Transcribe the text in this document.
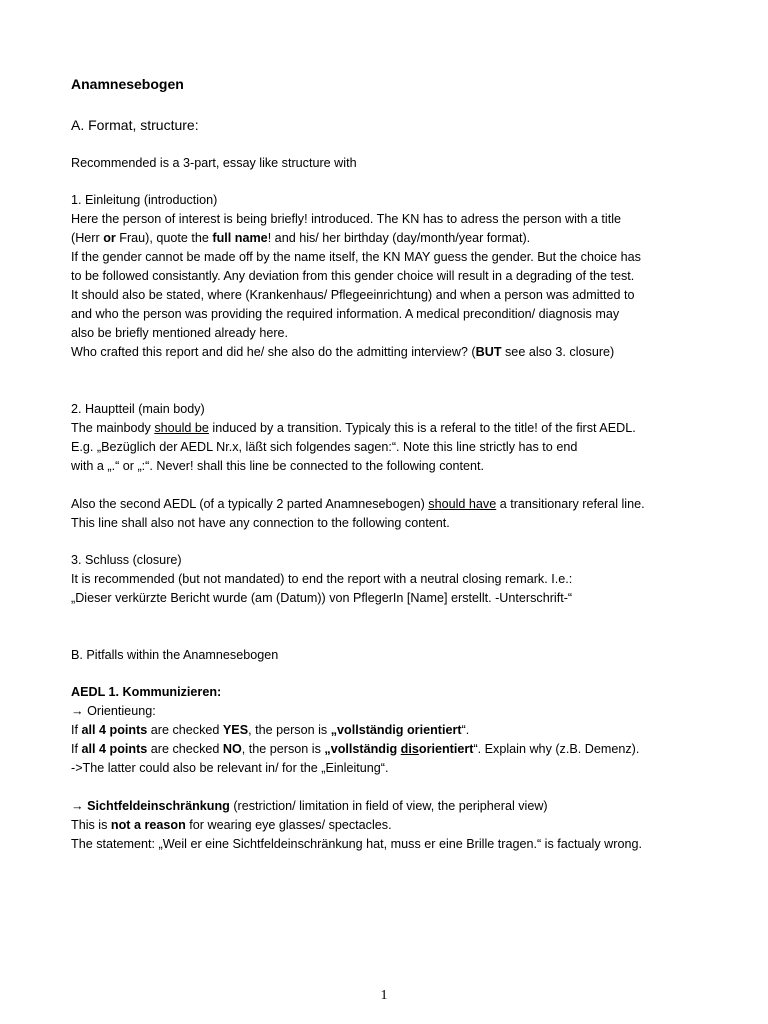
Anamnesebogen
A. Format, structure:
Recommended is a 3-part, essay like structure with
1. Einleitung (introduction)
Here the person of interest is being briefly! introduced. The KN has to adress the person with a title
(Herr or Frau), quote the full name! and his/ her birthday (day/month/year format).
If the gender cannot be made off by the name itself, the KN MAY guess the gender. But the choice has
to be followed consistantly. Any deviation from this gender choice will result in a degrading of the test.
It should also be stated, where (Krankenhaus/ Pflegeeinrichtung) and when a person was admitted to
and who the person was providing the required information. A medical precondition/ diagnosis may
also be briefly mentioned already here.
Who crafted this report and did he/ she also do the admitting interview? (BUT see also 3. closure)
2. Hauptteil (main body)
The mainbody should be induced by a transition. Typicaly this is a referal to the title! of the first AEDL.
E.g. „Bezüglich der AEDL Nr.x, läßt sich folgendes sagen:“. Note this line strictly has to end
with a „.“ or „:“. Never! shall this line be connected to the following content.
Also the second AEDL (of a typically 2 parted Anamnesebogen) should have a transitionary referal line.
This line shall also not have any connection to the following content.
3. Schluss (closure)
It is recommended (but not mandated) to end the report with a neutral closing remark. I.e.:
„Dieser verkürzte Bericht wurde (am (Datum)) von PflegerIn [Name] erstellt. -Unterschrift-“
B. Pitfalls within the Anamnesebogen
AEDL 1. Kommunizieren:
→ Orientieung:
If all 4 points are checked YES, the person is „vollständig orientiert“.
If all 4 points are checked NO, the person is „vollständig disorientiert“. Explain why (z.B. Demenz).
->The latter could also be relevant in/ for the „Einleitung“.
→ Sichtfeldeinschränkung (restriction/ limitation in field of view, the peripheral view)
This is not a reason for wearing eye glasses/ spectacles.
The statement: „Weil er eine Sichtfeldeinschränkung hat, muss er eine Brille tragen.“ is factualy wrong.
1
